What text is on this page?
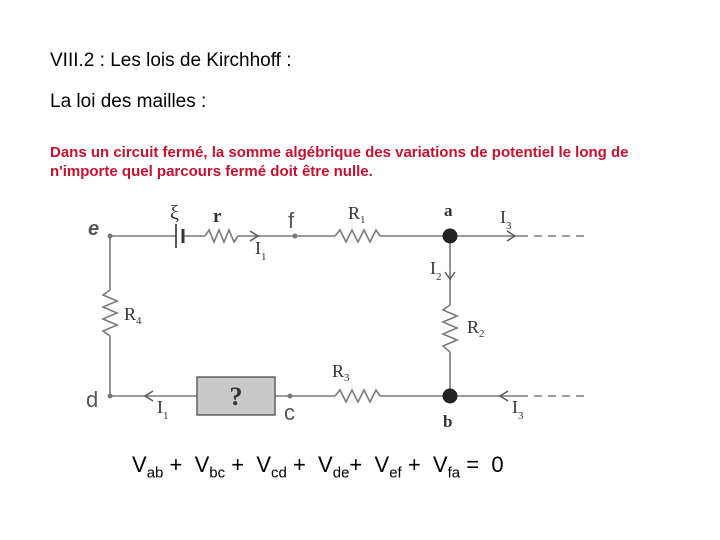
VIII.2 : Les lois de Kirchhoff :
La loi des mailles :
Dans un circuit fermé, la somme algébrique des variations de potentiel le long de n'importe quel parcours fermé doit être nulle.
?
e	f	a
b
c
d
ξ r	$R_1$
$R_2$
$R_3$
$R_4$
$I_1$
$I_3$
$I_2$
$I_1$	$I_3$
$V_{ab} + V_{bc} + V_{cd} + V_{de}+ V_{ef} + V_{fa} = 0$
